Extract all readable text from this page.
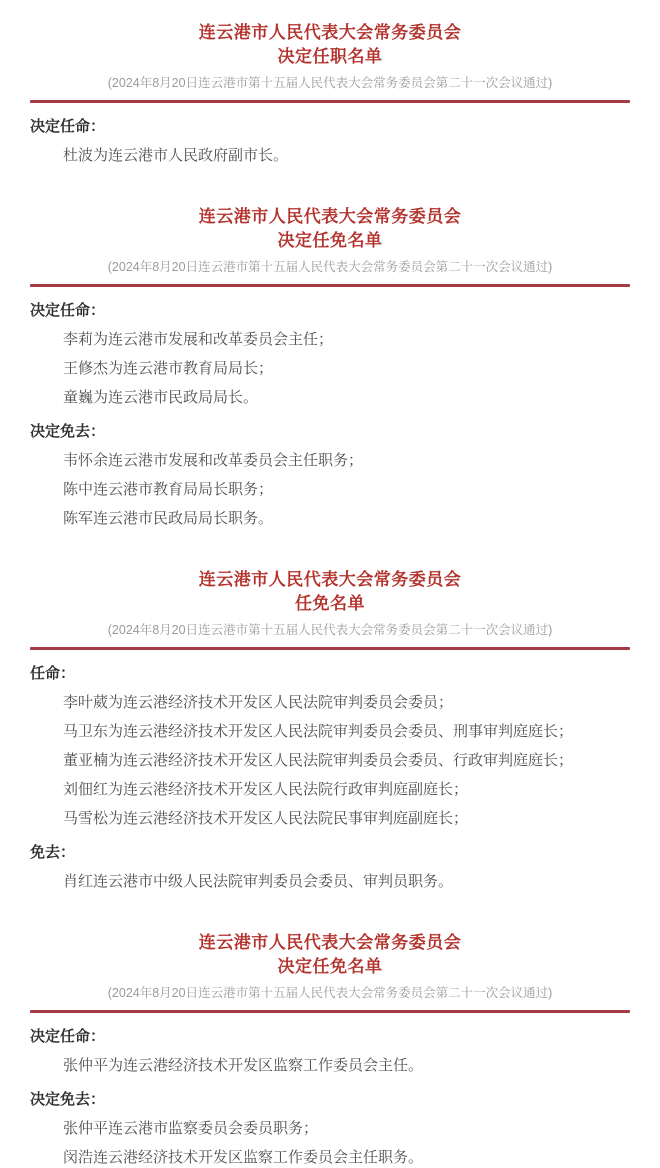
连云港市人民代表大会常务委员会
决定任职名单
(2024年8月20日连云港市第十五届人民代表大会常务委员会第二十一次会议通过)
决定任命：
杜波为连云港市人民政府副市长。
连云港市人民代表大会常务委员会
决定任免名单
(2024年8月20日连云港市第十五届人民代表大会常务委员会第二十一次会议通过)
决定任命：
李莉为连云港市发展和改革委员会主任；
王修杰为连云港市教育局局长；
童巍为连云港市民政局局长。
决定免去：
韦怀余连云港市发展和改革委员会主任职务；
陈中连云港市教育局局长职务；
陈军连云港市民政局局长职务。
连云港市人民代表大会常务委员会
任免名单
(2024年8月20日连云港市第十五届人民代表大会常务委员会第二十一次会议通过)
任命：
李叶葳为连云港经济技术开发区人民法院审判委员会委员；
马卫东为连云港经济技术开发区人民法院审判委员会委员、刑事审判庭庭长；
董亚楠为连云港经济技术开发区人民法院审判委员会委员、行政审判庭庭长；
刘佃红为连云港经济技术开发区人民法院行政审判庭副庭长；
马雪松为连云港经济技术开发区人民法院民事审判庭副庭长；
免去：
肖红连云港市中级人民法院审判委员会委员、审判员职务。
连云港市人民代表大会常务委员会
决定任免名单
(2024年8月20日连云港市第十五届人民代表大会常务委员会第二十一次会议通过)
决定任命：
张仲平为连云港经济技术开发区监察工作委员会主任。
决定免去：
张仲平连云港市监察委员会委员职务；
闵浩连云港经济技术开发区监察工作委员会主任职务。
